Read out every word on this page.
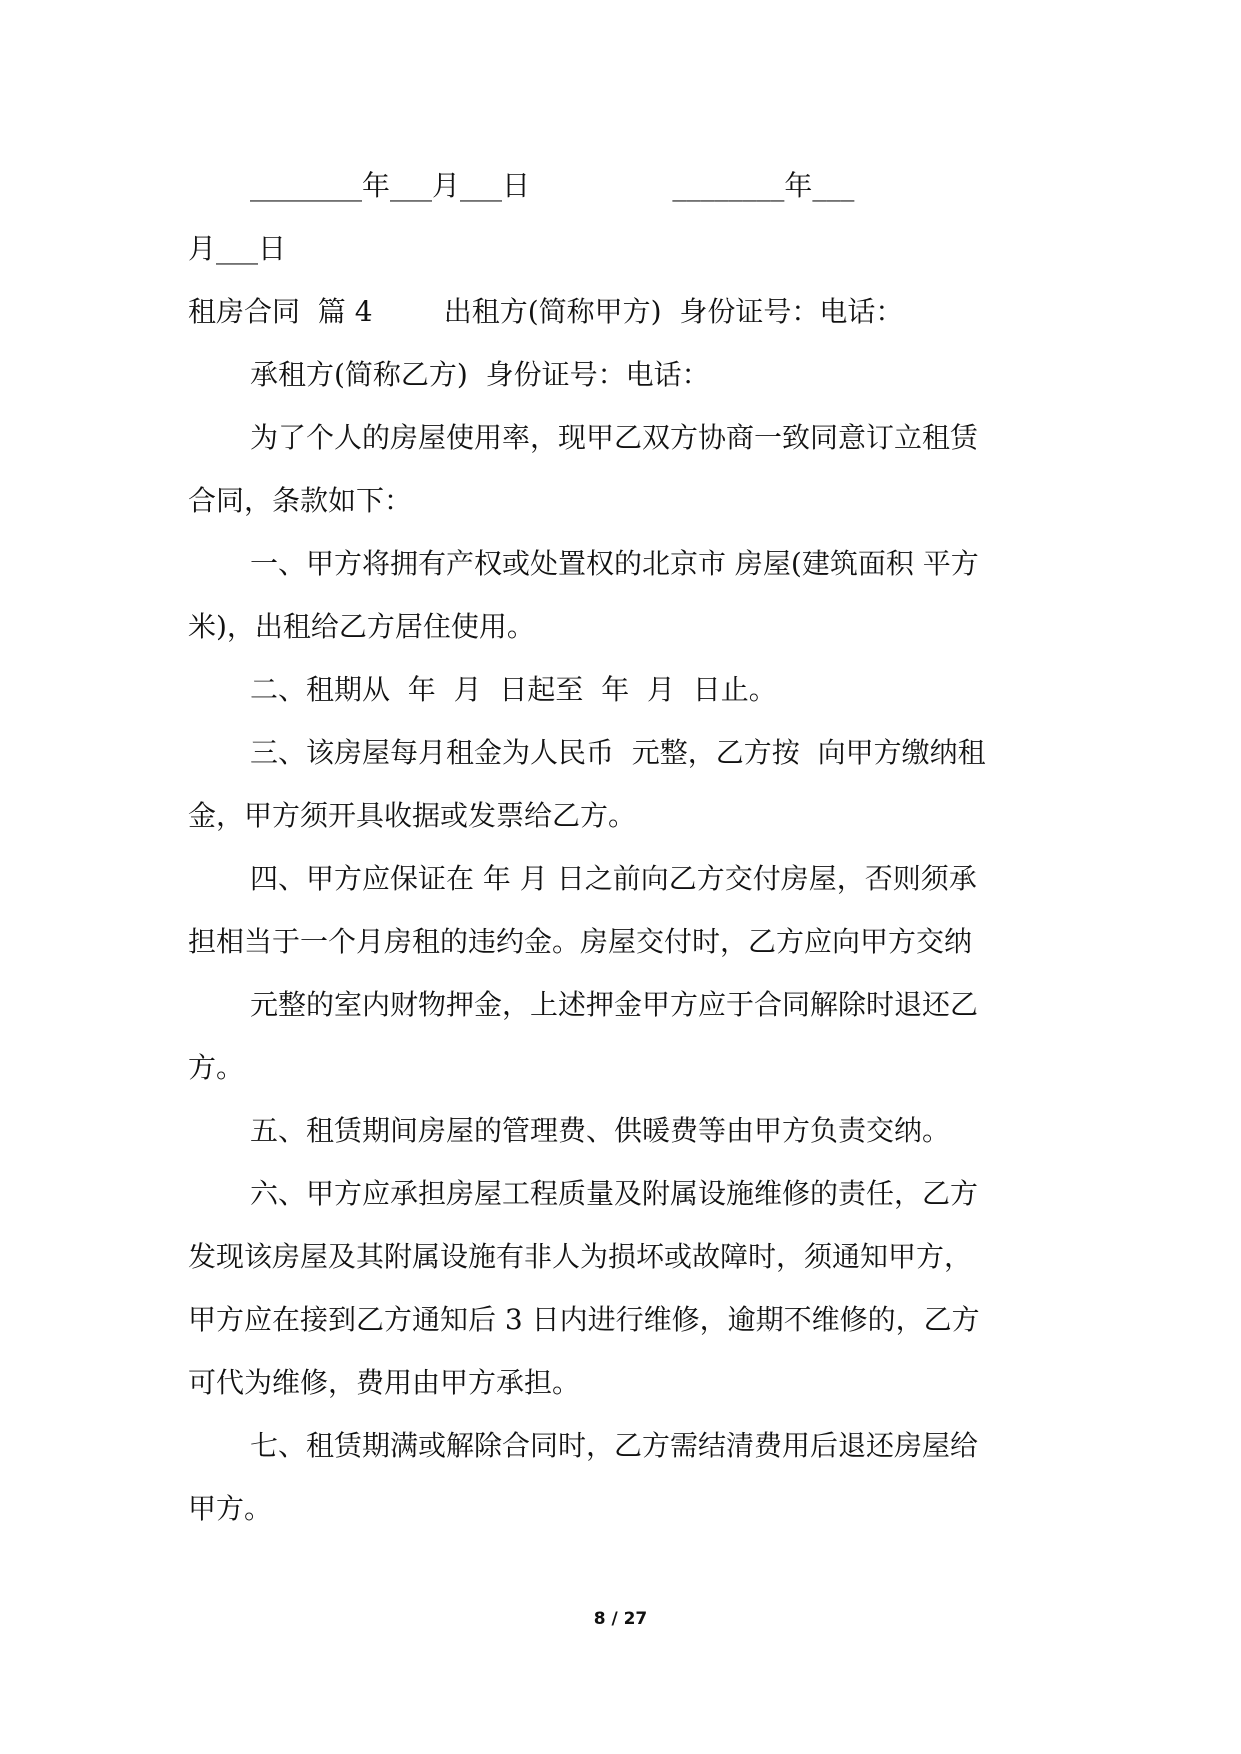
________年___月___日                ________年___
月___日
租房合同  篇 4        出租方(简称甲方)  身份证号：电话：
承租方(简称乙方)  身份证号：电话：
为了个人的房屋使用率，现甲乙双方协商一致同意订立租赁
合同，条款如下：
一、甲方将拥有产权或处置权的北京市 房屋(建筑面积 平方
米)，出租给乙方居住使用。
二、租期从  年  月  日起至  年  月  日止。
三、该房屋每月租金为人民币  元整，乙方按  向甲方缴纳租
金，甲方须开具收据或发票给乙方。
四、甲方应保证在 年 月 日之前向乙方交付房屋，否则须承
担相当于一个月房租的违约金。房屋交付时，乙方应向甲方交纳
元整的室内财物押金，上述押金甲方应于合同解除时退还乙
方。
五、租赁期间房屋的管理费、供暖费等由甲方负责交纳。
六、甲方应承担房屋工程质量及附属设施维修的责任，乙方
发现该房屋及其附属设施有非人为损坏或故障时，须通知甲方，
甲方应在接到乙方通知后 3 日内进行维修，逾期不维修的，乙方
可代为维修，费用由甲方承担。
七、租赁期满或解除合同时，乙方需结清费用后退还房屋给
甲方。
8 / 27
